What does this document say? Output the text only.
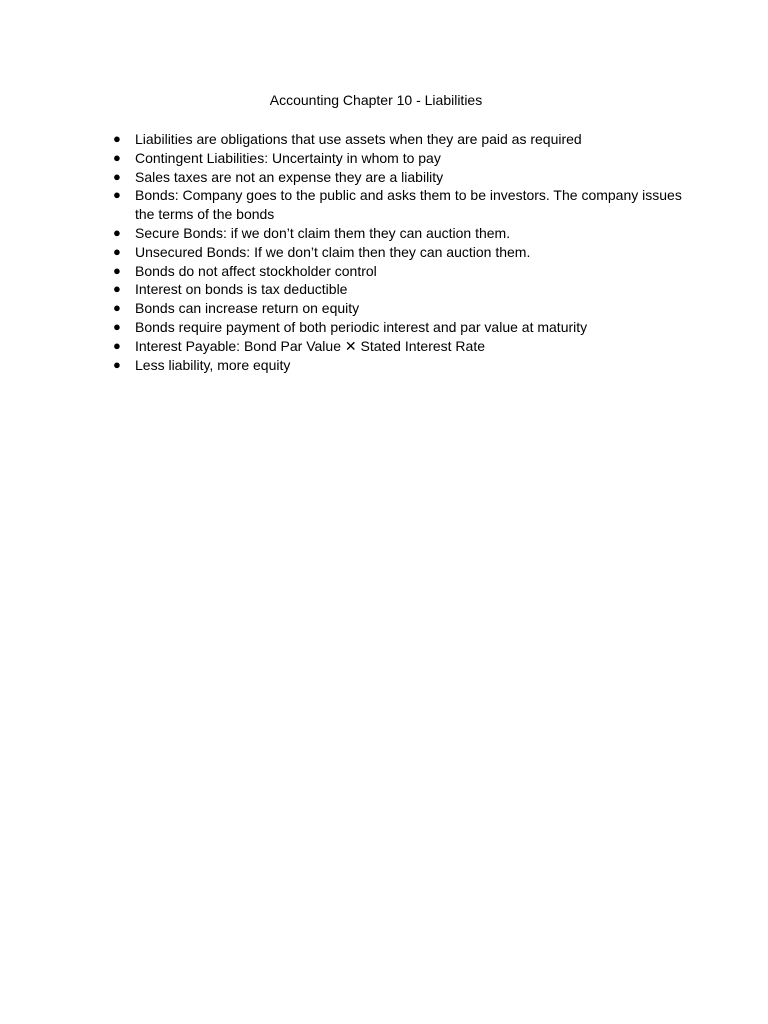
Accounting Chapter 10 - Liabilities
●	Liabilities are obligations that use assets when they are paid as required
●	Contingent Liabilities: Uncertainty in whom to pay
●	Sales taxes are not an expense they are a liability
●	Bonds: Company goes to the public and asks them to be investors. The company issues the terms of the bonds
●	Secure Bonds: if we don’t claim them they can auction them.
●	Unsecured Bonds: If we don’t claim then they can auction them.
●	Bonds do not affect stockholder control
●	Interest on bonds is tax deductible
●	Bonds can increase return on equity
●	Bonds require payment of both periodic interest and par value at maturity
●	Interest Payable: Bond Par Value ✕ Stated Interest Rate
●	Less liability, more equity
